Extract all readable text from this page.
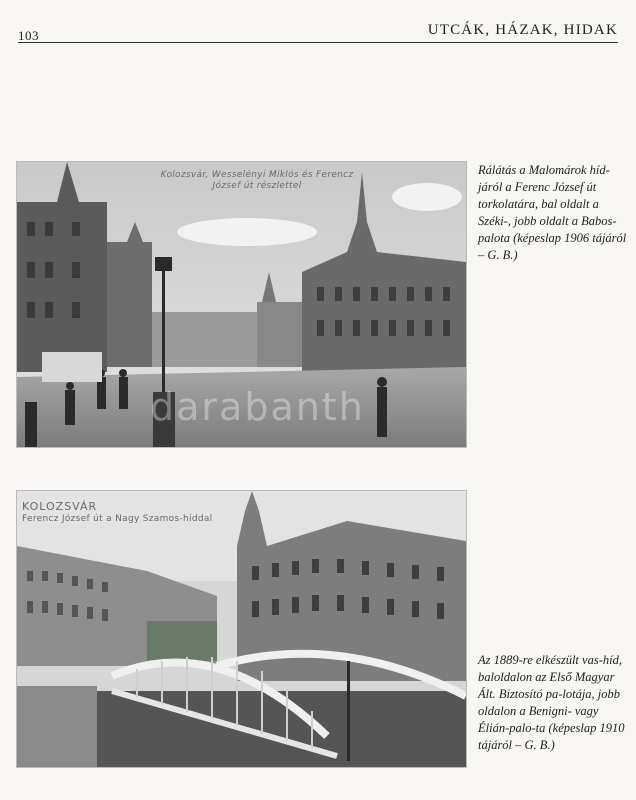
103	UTCÁK, HÁZAK, HIDAK
Kolozsvár, Wesselényi Miklós és Ferencz
József út részlettel
darabanth
Rálátás a Malomárok híd-járól a Ferenc József út torkolatára, bal oldalt a Széki-, jobb oldalt a Babos-palota (képeslap 1906 tájáról – G. B.)
KOLOZSVÁR
Ferencz József út a Nagy Szamos-híddal
Az 1889-re elkészült vas-híd, baloldalon az Első Magyar Ált. Biztosító pa-lotája, jobb oldalon a Benigni- vagy Élián-palo-ta (képeslap 1910 tájáról – G. B.)
